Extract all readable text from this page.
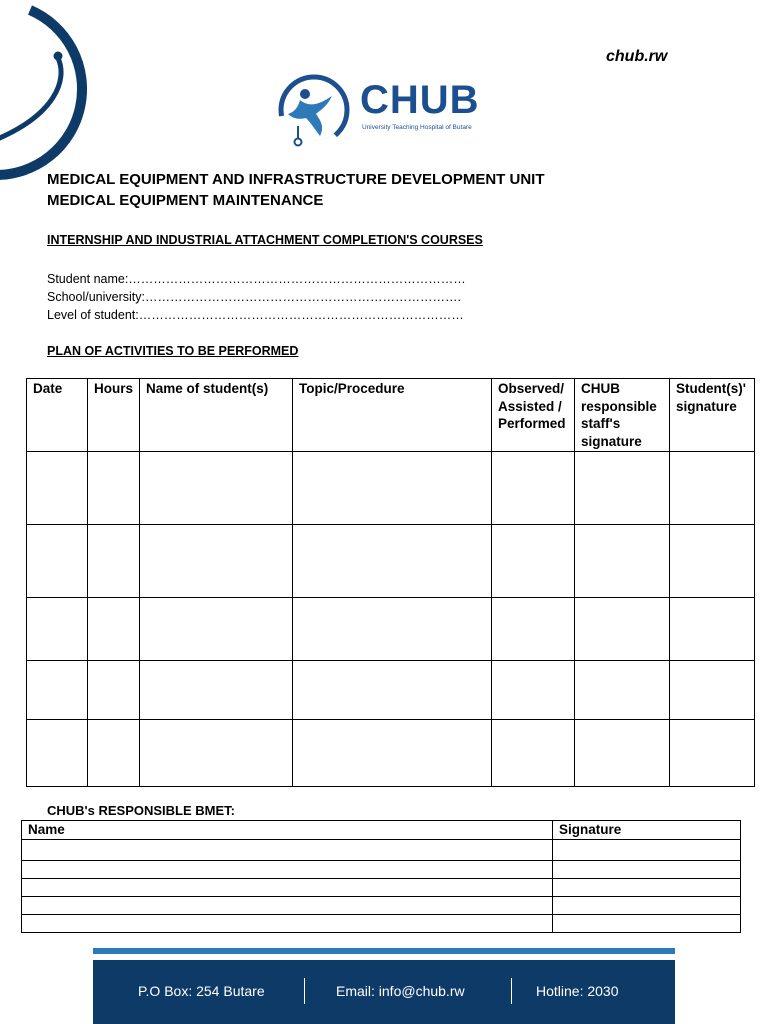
chub.rw
CHUB
University Teaching Hospital of Butare
MEDICAL EQUIPMENT AND INFRASTRUCTURE DEVELOPMENT UNIT
MEDICAL EQUIPMENT MAINTENANCE
INTERNSHIP AND INDUSTRIAL ATTACHMENT COMPLETION'S COURSES
Student name:………………………………………………………………………
School/university:………………………………………………………………….
Level of student:……………………………………………………………………
PLAN OF ACTIVITIES TO BE PERFORMED
Date	Hours	Name of student(s)	Topic/Procedure	Observed/ Assisted / Performed	CHUB responsible staff's signature	Student(s)' signature

CHUB's RESPONSIBLE BMET:
Name	Signature

P.O Box: 254 Butare	Email: info@chub.rw	Hotline: 2030
